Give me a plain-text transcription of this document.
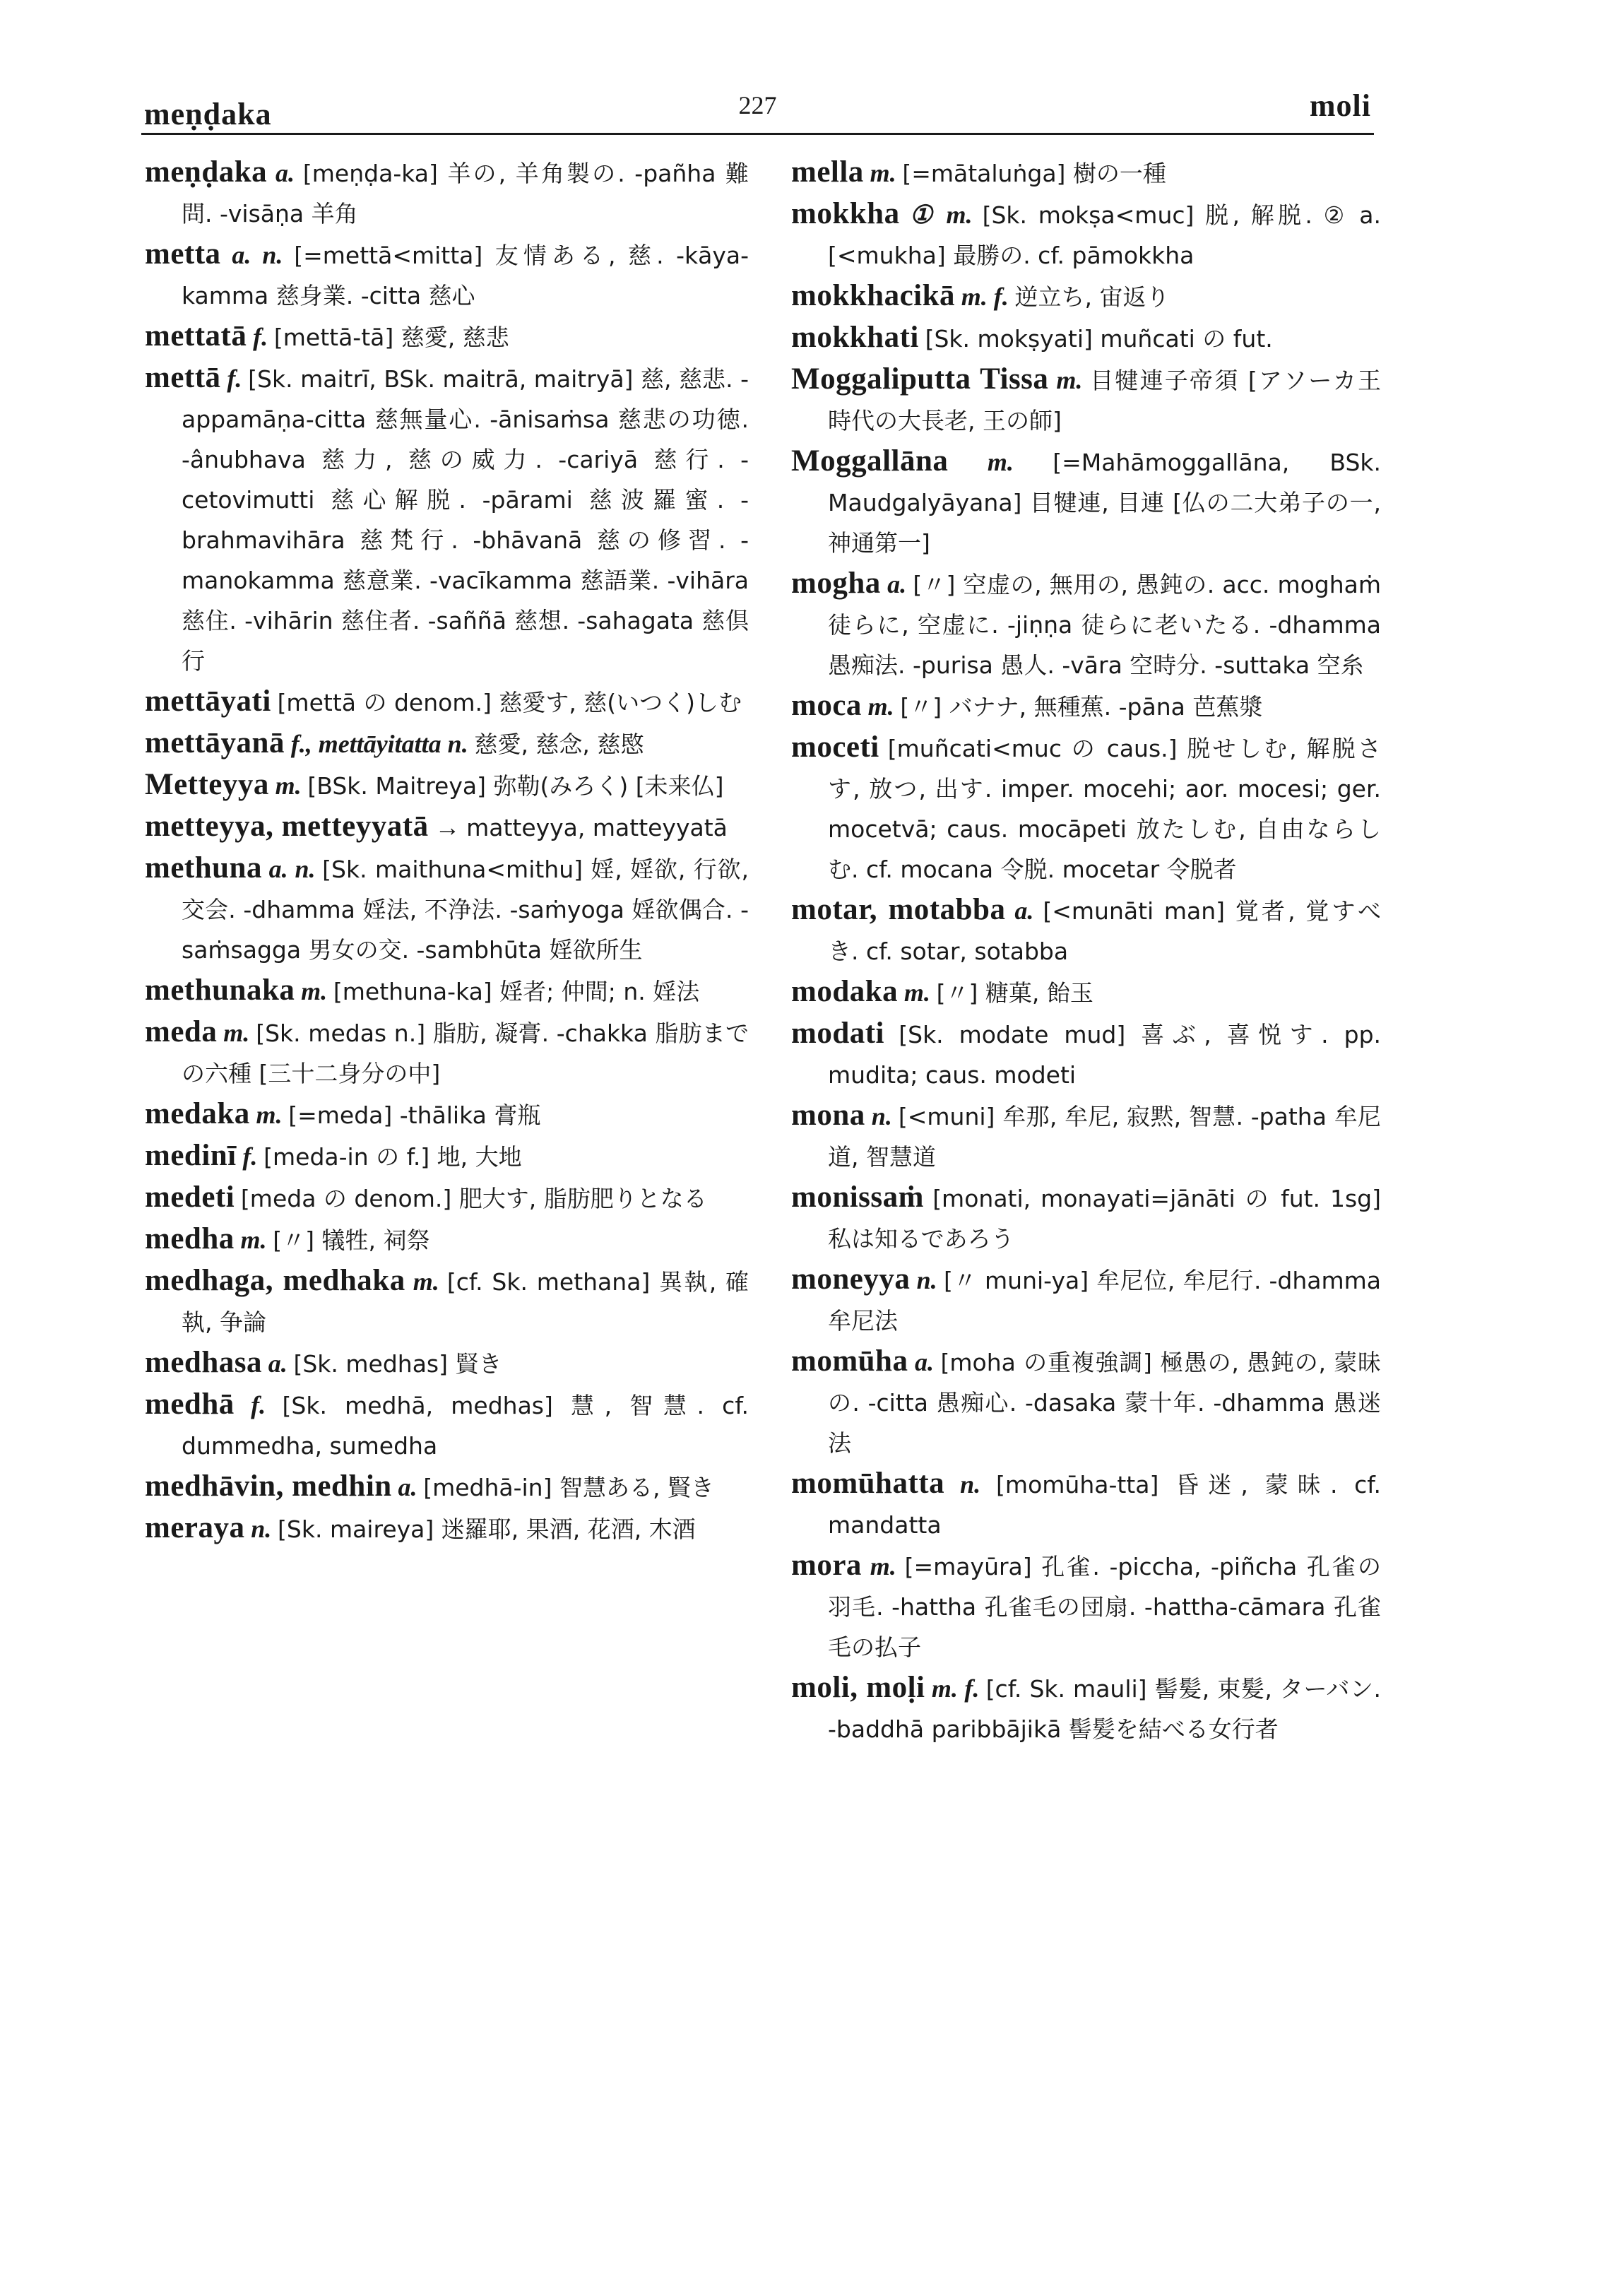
meṇḍaka	227	moli
meṇḍaka a. [meṇḍa-ka] 羊の, 羊角製の. -pañha 難問. -visāṇa 羊角
metta a. n. [=mettā<mitta] 友情ある, 慈. -kāya-kamma 慈身業. -citta 慈心
mettatā f. [mettā-tā] 慈愛, 慈悲
mettā f. [Sk. maitrī, BSk. maitrā, maitryā] 慈, 慈悲. -appamāṇa-citta 慈無量心. -ānisaṁsa 慈悲の功徳. -ânubhava 慈力, 慈の威力. -cariyā 慈行. -cetovimutti 慈心解脱. -pārami 慈波羅蜜. -brahmavihāra 慈梵行. -bhāvanā 慈の修習. -manokamma 慈意業. -vacīkamma 慈語業. -vihāra 慈住. -vihārin 慈住者. -saññā 慈想. -sahagata 慈倶行
mettāyati [mettā の denom.] 慈愛す, 慈(いつく)しむ
mettāyanā f., mettāyitatta n. 慈愛, 慈念, 慈愍
Metteyya m. [BSk. Maitreya] 弥勒(みろく) [未来仏]
metteyya, metteyyatā → matteyya, matteyyatā
methuna a. n. [Sk. maithuna<mithu] 婬, 婬欲, 行欲, 交会. -dhamma 婬法, 不浄法. -saṁyoga 婬欲偶合. -saṁsagga 男女の交. -sambhūta 婬欲所生
methunaka m. [methuna-ka] 婬者; 仲間; n. 婬法
meda m. [Sk. medas n.] 脂肪, 凝膏. -chakka 脂肪までの六種 [三十二身分の中]
medaka m. [=meda] -thālika 膏瓶
medinī f. [meda-in の f.] 地, 大地
medeti [meda の denom.] 肥大す, 脂肪肥りとなる
medha m. [〃] 犠牲, 祠祭
medhaga, medhaka m. [cf. Sk. methana] 異執, 確執, 争論
medhasa a. [Sk. medhas] 賢き
medhā f. [Sk. medhā, medhas] 慧, 智慧. cf. dummedha, sumedha
medhāvin, medhin a. [medhā-in] 智慧ある, 賢き
meraya n. [Sk. maireya] 迷羅耶, 果酒, 花酒, 木酒
mella m. [=mātaluṅga] 樹の一種
mokkha ① m. [Sk. mokṣa<muc] 脱, 解脱. ② a. [<mukha] 最勝の. cf. pāmokkha
mokkhacikā m. f. 逆立ち, 宙返り
mokkhati [Sk. mokṣyati] muñcati の fut.
Moggaliputta Tissa m. 目犍連子帝須 [アソーカ王時代の大長老, 王の師]
Moggallāna m. [=Mahāmoggallāna, BSk. Maudgalyāyana] 目犍連, 目連 [仏の二大弟子の一, 神通第一]
mogha a. [〃] 空虚の, 無用の, 愚鈍の. acc. moghaṁ 徒らに, 空虚に. -jiṇṇa 徒らに老いたる. -dhamma 愚痴法. -purisa 愚人. -vāra 空時分. -suttaka 空糸
moca m. [〃] バナナ, 無種蕉. -pāna 芭蕉漿
moceti [muñcati<muc の caus.] 脱せしむ, 解脱さす, 放つ, 出す. imper. mocehi; aor. mocesi; ger. mocetvā; caus. mocāpeti 放たしむ, 自由ならしむ. cf. mocana 令脱. mocetar 令脱者
motar, motabba a. [<munāti man] 覚者, 覚すべき. cf. sotar, sotabba
modaka m. [〃] 糖菓, 飴玉
modati [Sk. modate mud] 喜ぶ, 喜悦す. pp. mudita; caus. modeti
mona n. [<muni] 牟那, 牟尼, 寂黙, 智慧. -patha 牟尼道, 智慧道
monissaṁ [monati, monayati=jānāti の fut. 1sg] 私は知るであろう
moneyya n. [〃 muni-ya] 牟尼位, 牟尼行. -dhamma 牟尼法
momūha a. [moha の重複強調] 極愚の, 愚鈍の, 蒙昧の. -citta 愚痴心. -dasaka 蒙十年. -dhamma 愚迷法
momūhatta n. [momūha-tta] 昏迷, 蒙昧. cf. mandatta
mora m. [=mayūra] 孔雀. -piccha, -piñcha 孔雀の羽毛. -hattha 孔雀毛の団扇. -hattha-cāmara 孔雀毛の払子
moli, moḷi m. f. [cf. Sk. mauli] 髻髪, 束髪, ターバン. -baddhā paribbājikā 髻髪を結べる女行者
